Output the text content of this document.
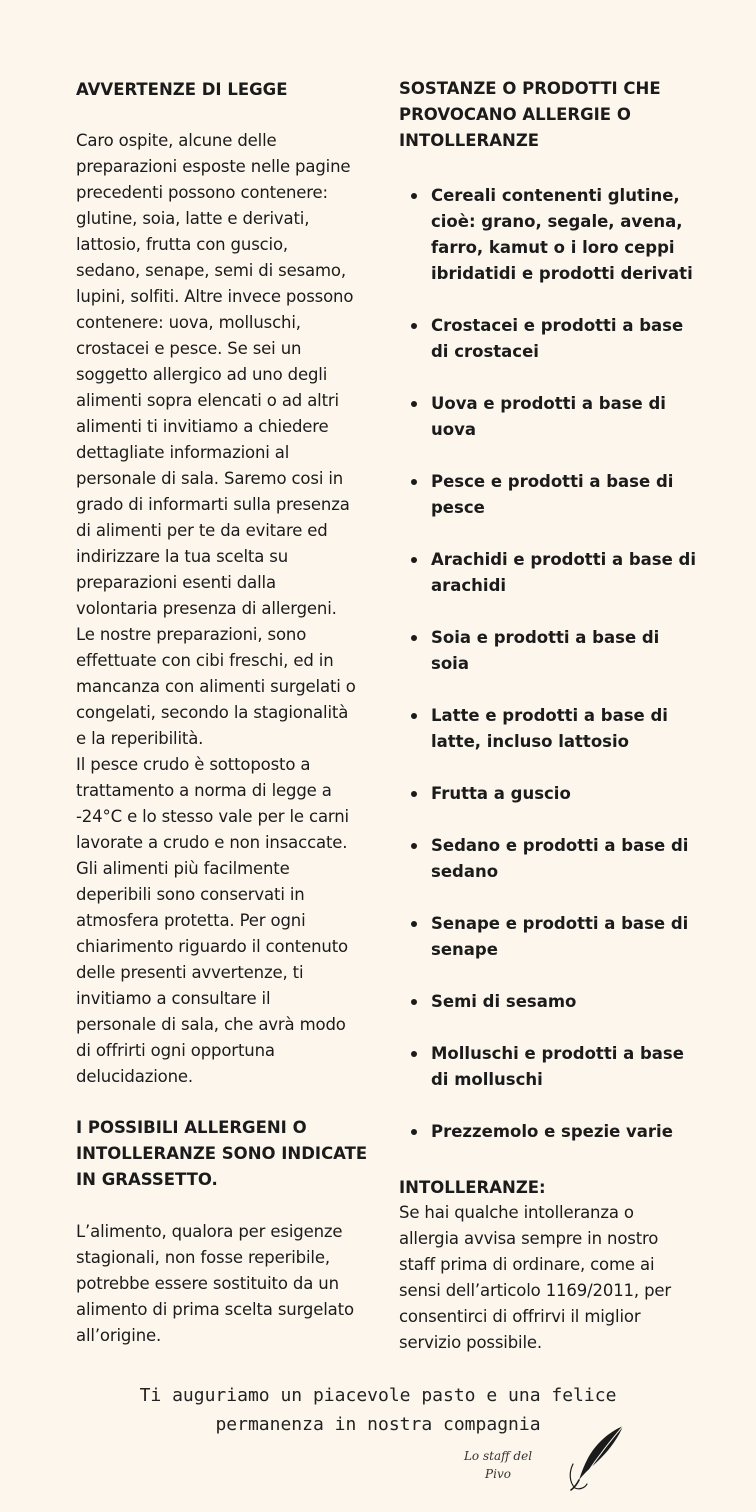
AVVERTENZE DI LEGGE

Caro ospite, alcune delle
preparazioni esposte nelle pagine
precedenti possono contenere:
glutine, soia, latte e derivati,
lattosio, frutta con guscio,
sedano, senape, semi di sesamo,
lupini, solfiti. Altre invece possono
contenere: uova, molluschi,
crostacei e pesce. Se sei un
soggetto allergico ad uno degli
alimenti sopra elencati o ad altri
alimenti ti invitiamo a chiedere
dettagliate informazioni al
personale di sala. Saremo cosi in
grado di informarti sulla presenza
di alimenti per te da evitare ed
indirizzare la tua scelta su
preparazioni esenti dalla
volontaria presenza di allergeni.
Le nostre preparazioni, sono
effettuate con cibi freschi, ed in
mancanza con alimenti surgelati o
congelati, secondo la stagionalità
e la reperibilità.
Il pesce crudo è sottoposto a
trattamento a norma di legge a
-24°C e lo stesso vale per le carni
lavorate a crudo e non insaccate.
Gli alimenti più facilmente
deperibili sono conservati in
atmosfera protetta. Per ogni
chiarimento riguardo il contenuto
delle presenti avvertenze, ti
invitiamo a consultare il
personale di sala, che avrà modo
di offrirti ogni opportuna
delucidazione.

I POSSIBILI ALLERGENI O
INTOLLERANZE SONO INDICATE
IN GRASSETTO.

L’alimento, qualora per esigenze
stagionali, non fosse reperibile,
potrebbe essere sostituito da un
alimento di prima scelta surgelato
all’origine.

SOSTANZE O PRODOTTI CHE
PROVOCANO ALLERGIE O
INTOLLERANZE

Cereali contenenti glutine,
cioè: grano, segale, avena,
farro, kamut o i loro ceppi
ibridatidi e prodotti derivati
Crostacei e prodotti a base
di crostacei
Uova e prodotti a base di
uova
Pesce e prodotti a base di
pesce
Arachidi e prodotti a base di
arachidi
Soia e prodotti a base di
soia
Latte e prodotti a base di
latte, incluso lattosio
Frutta a guscio
Sedano e prodotti a base di
sedano
Senape e prodotti a base di
senape
Semi di sesamo
Molluschi e prodotti a base
di molluschi
Prezzemolo e spezie varie

INTOLLERANZE:

Se hai qualche intolleranza o
allergia avvisa sempre in nostro
staff prima di ordinare, come ai
sensi dell’articolo 1169/2011, per
consentirci di offrirvi il miglior
servizio possibile.

Ti auguriamo un piacevole pasto e una felice
permanenza in nostra compagnia
Lo staff del
Pivo
